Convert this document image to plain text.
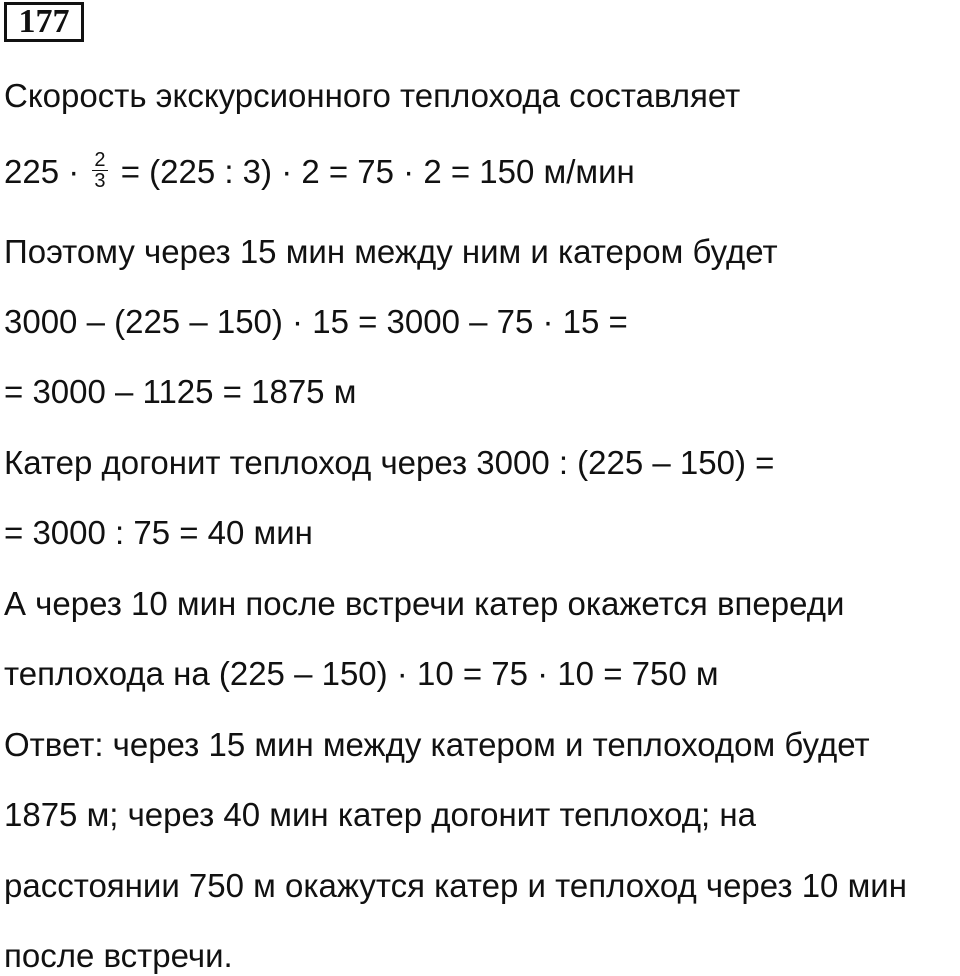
177
Скорость экскурсионного теплохода составляет
$225 \cdot \frac{2}{3} = (225$ : 3) · 2 = 75 · 2 = 150 м/мин
Поэтому через 15 мин между ним и катером будет
3000 – (225 – 150) · 15 = 3000 – 75 · 15 =
= 3000 – 1125 = 1875 м
Катер догонит теплоход через 3000 : (225 – 150) =
= 3000 : 75 = 40 мин
А через 10 мин после встречи катер окажется впереди
теплохода на (225 – 150) · 10 = 75 · 10 = 750 м
Ответ: через 15 мин между катером и теплоходом будет
1875 м; через 40 мин катер догонит теплоход; на
расстоянии 750 м окажутся катер и теплоход через 10 мин
после встречи.
